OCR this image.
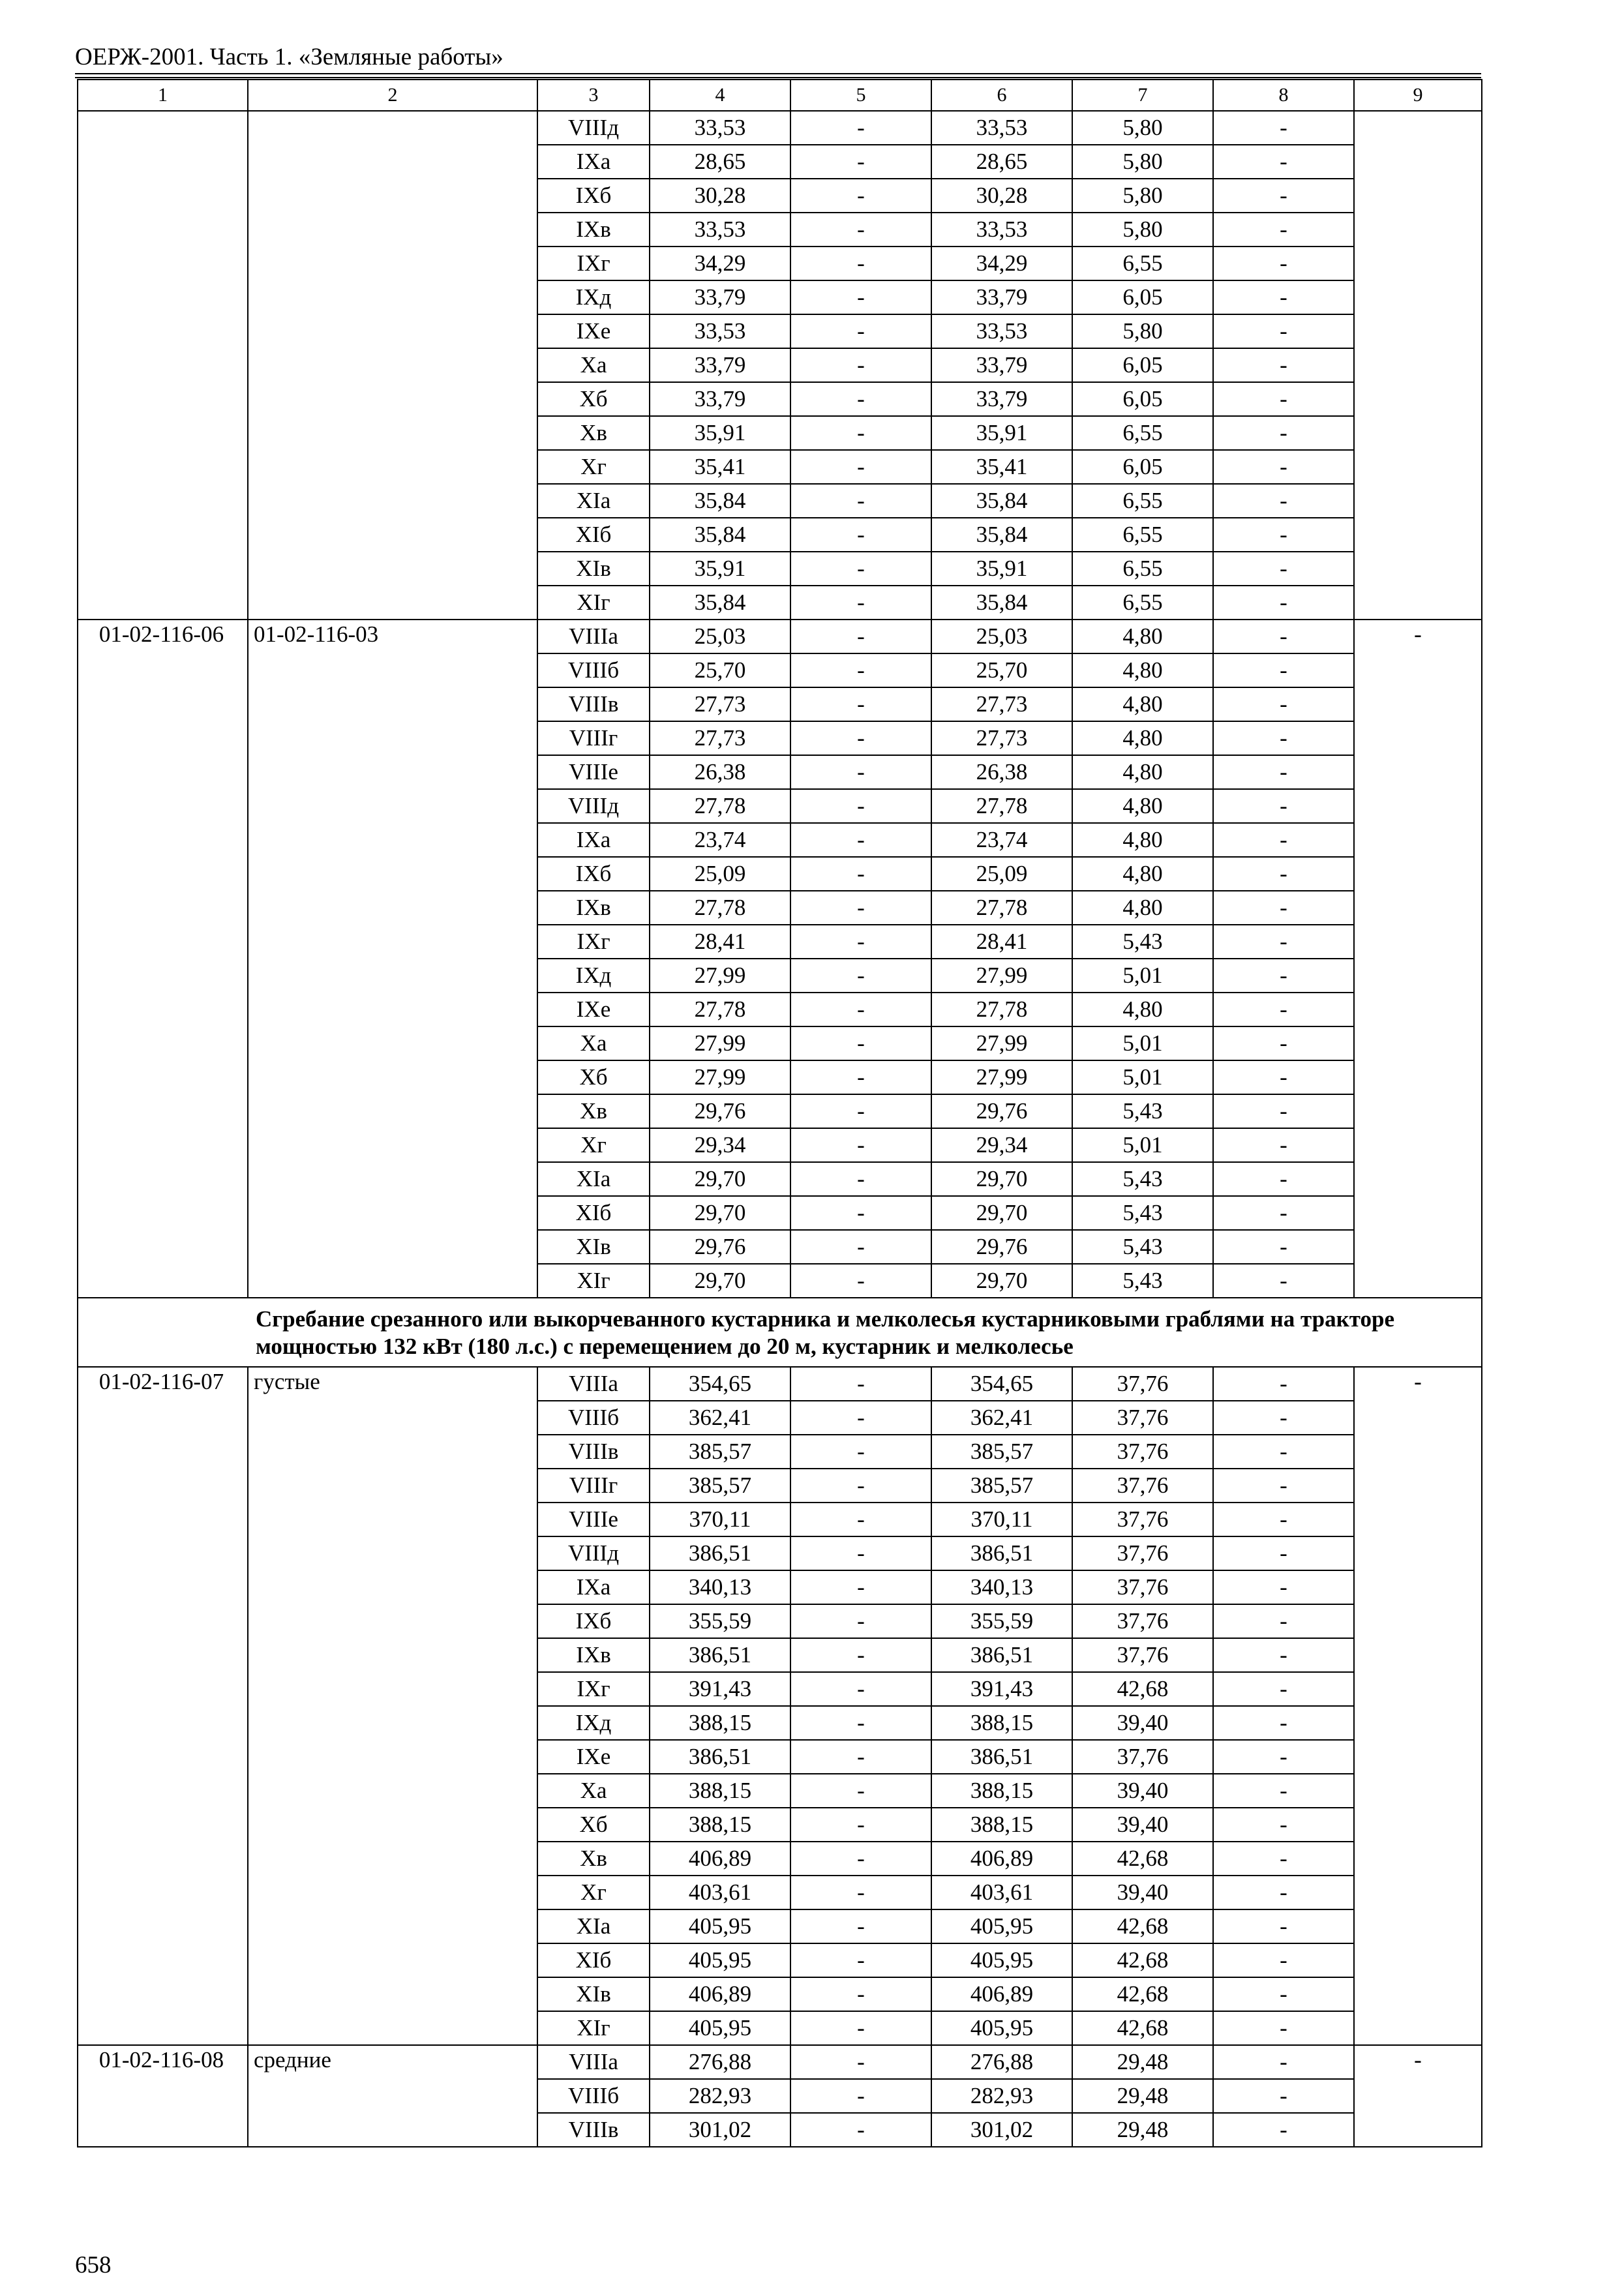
ОЕРЖ-2001. Часть 1. «Земляные работы»
1	2	3	4	5	6	7	8	9
		VIIIд	33,53	-	33,53	5,80	-	
		IXа	28,65	-	28,65	5,80	-	
		IXб	30,28	-	30,28	5,80	-	
		IXв	33,53	-	33,53	5,80	-	
		IXг	34,29	-	34,29	6,55	-	
		IXд	33,79	-	33,79	6,05	-	
		IXе	33,53	-	33,53	5,80	-	
		Xа	33,79	-	33,79	6,05	-	
		Xб	33,79	-	33,79	6,05	-	
		Xв	35,91	-	35,91	6,55	-	
		Xг	35,41	-	35,41	6,05	-	
		XIа	35,84	-	35,84	6,55	-	
		XIб	35,84	-	35,84	6,55	-	
		XIв	35,91	-	35,91	6,55	-	
		XIг	35,84	-	35,84	6,55	-	
01-02-116-06	01-02-116-03	VIIIа	25,03	-	25,03	4,80	-	-
		VIIIб	25,70	-	25,70	4,80	-	
		VIIIв	27,73	-	27,73	4,80	-	
		VIIIг	27,73	-	27,73	4,80	-	
		VIIIе	26,38	-	26,38	4,80	-	
		VIIIд	27,78	-	27,78	4,80	-	
		IXа	23,74	-	23,74	4,80	-	
		IXб	25,09	-	25,09	4,80	-	
		IXв	27,78	-	27,78	4,80	-	
		IXг	28,41	-	28,41	5,43	-	
		IXд	27,99	-	27,99	5,01	-	
		IXе	27,78	-	27,78	4,80	-	
		Xа	27,99	-	27,99	5,01	-	
		Xб	27,99	-	27,99	5,01	-	
		Xв	29,76	-	29,76	5,43	-	
		Xг	29,34	-	29,34	5,01	-	
		XIа	29,70	-	29,70	5,43	-	
		XIб	29,70	-	29,70	5,43	-	
		XIв	29,76	-	29,76	5,43	-	
		XIг	29,70	-	29,70	5,43	-	
Сгребание срезанного или выкорчеванного кустарника и мелколесья кустарниковыми граблями на тракторе мощностью 132 кВт (180 л.с.) с перемещением до 20 м, кустарник и мелколесье								
01-02-116-07	густые	VIIIа	354,65	-	354,65	37,76	-	-
		VIIIб	362,41	-	362,41	37,76	-	
		VIIIв	385,57	-	385,57	37,76	-	
		VIIIг	385,57	-	385,57	37,76	-	
		VIIIе	370,11	-	370,11	37,76	-	
		VIIIд	386,51	-	386,51	37,76	-	
		IXа	340,13	-	340,13	37,76	-	
		IXб	355,59	-	355,59	37,76	-	
		IXв	386,51	-	386,51	37,76	-	
		IXг	391,43	-	391,43	42,68	-	
		IXд	388,15	-	388,15	39,40	-	
		IXе	386,51	-	386,51	37,76	-	
		Xа	388,15	-	388,15	39,40	-	
		Xб	388,15	-	388,15	39,40	-	
		Xв	406,89	-	406,89	42,68	-	
		Xг	403,61	-	403,61	39,40	-	
		XIа	405,95	-	405,95	42,68	-	
		XIб	405,95	-	405,95	42,68	-	
		XIв	406,89	-	406,89	42,68	-	
		XIг	405,95	-	405,95	42,68	-	
01-02-116-08	средние	VIIIа	276,88	-	276,88	29,48	-	-
		VIIIб	282,93	-	282,93	29,48	-	
		VIIIв	301,02	-	301,02	29,48	-	
658
